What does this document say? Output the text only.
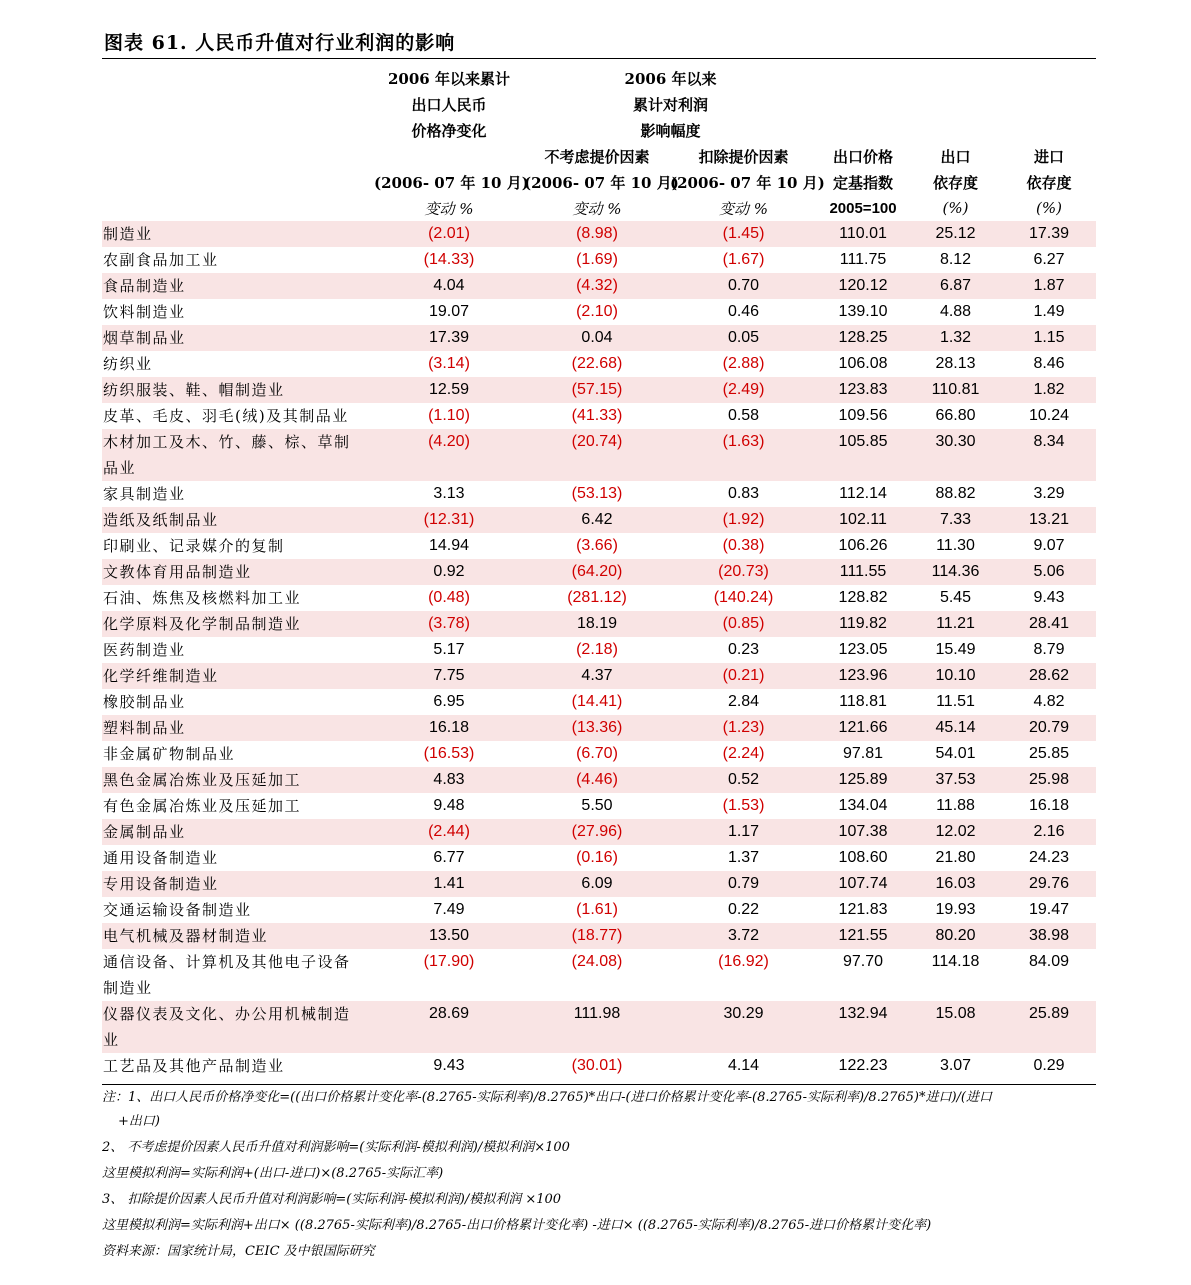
图表 61. 人民币升值对行业利润的影响
	2006 年以来累计	2006 年以来				
	出口人民币	累计对利润				
	价格净变化	影响幅度				
		不考虑提价因素	扣除提价因素	出口价格	出口	进口
	(2006- 07 年 10 月)	(2006- 07 年 10 月)	(2006- 07 年 10 月)	定基指数	依存度	依存度
	变动 %	变动 %	变动 %	2005=100	(%)	(%)

制造业	(2.01)	(8.98)	(1.45)	110.01	25.12	17.39

农副食品加工业	(14.33)	(1.69)	(1.67)	111.75	8.12	6.27

食品制造业	4.04	(4.32)	0.70	120.12	6.87	1.87

饮料制造业	19.07	(2.10)	0.46	139.10	4.88	1.49

烟草制品业	17.39	0.04	0.05	128.25	1.32	1.15

纺织业	(3.14)	(22.68)	(2.88)	106.08	28.13	8.46

纺织服装、鞋、帽制造业	12.59	(57.15)	(2.49)	123.83	110.81	1.82

皮革、毛皮、羽毛(绒)及其制品业	(1.10)	(41.33)	0.58	109.56	66.80	10.24

木材加工及木、竹、藤、棕、草制
品业	(4.20)	(20.74)	(1.63)	105.85	30.30	8.34

家具制造业	3.13	(53.13)	0.83	112.14	88.82	3.29

造纸及纸制品业	(12.31)	6.42	(1.92)	102.11	7.33	13.21

印刷业、记录媒介的复制	14.94	(3.66)	(0.38)	106.26	11.30	9.07

文教体育用品制造业	0.92	(64.20)	(20.73)	111.55	114.36	5.06

石油、炼焦及核燃料加工业	(0.48)	(281.12)	(140.24)	128.82	5.45	9.43

化学原料及化学制品制造业	(3.78)	18.19	(0.85)	119.82	11.21	28.41

医药制造业	5.17	(2.18)	0.23	123.05	15.49	8.79

化学纤维制造业	7.75	4.37	(0.21)	123.96	10.10	28.62

橡胶制品业	6.95	(14.41)	2.84	118.81	11.51	4.82

塑料制品业	16.18	(13.36)	(1.23)	121.66	45.14	20.79

非金属矿物制品业	(16.53)	(6.70)	(2.24)	97.81	54.01	25.85

黑色金属冶炼业及压延加工	4.83	(4.46)	0.52	125.89	37.53	25.98

有色金属冶炼业及压延加工	9.48	5.50	(1.53)	134.04	11.88	16.18

金属制品业	(2.44)	(27.96)	1.17	107.38	12.02	2.16

通用设备制造业	6.77	(0.16)	1.37	108.60	21.80	24.23

专用设备制造业	1.41	6.09	0.79	107.74	16.03	29.76

交通运输设备制造业	7.49	(1.61)	0.22	121.83	19.93	19.47

电气机械及器材制造业	13.50	(18.77)	3.72	121.55	80.20	38.98

通信设备、计算机及其他电子设备
制造业	(17.90)	(24.08)	(16.92)	97.70	114.18	84.09

仪器仪表及文化、办公用机械制造
业	28.69	111.98	30.29	132.94	15.08	25.89

工艺品及其他产品制造业	9.43	(30.01)	4.14	122.23	3.07	0.29

注：1、出口人民币价格净变化=((出口价格累计变化率-(8.2765-实际利率)/8.2765)*出口-(进口价格累计变化率-(8.2765-实际利率)/8.2765)*进口)/(进口

+出口)

2、 不考虑提价因素人民币升值对利润影响=(实际利润-模拟利润)/模拟利润×100

这里模拟利润=实际利润+(出口-进口)×(8.2765-实际汇率)

3、 扣除提价因素人民币升值对利润影响=(实际利润-模拟利润)/模拟利润 ×100

这里模拟利润=实际利润+出口× ((8.2765-实际利率)/8.2765-出口价格累计变化率) -进口× ((8.2765-实际利率)/8.2765-进口价格累计变化率)

资料来源：国家统计局，CEIC 及中银国际研究
